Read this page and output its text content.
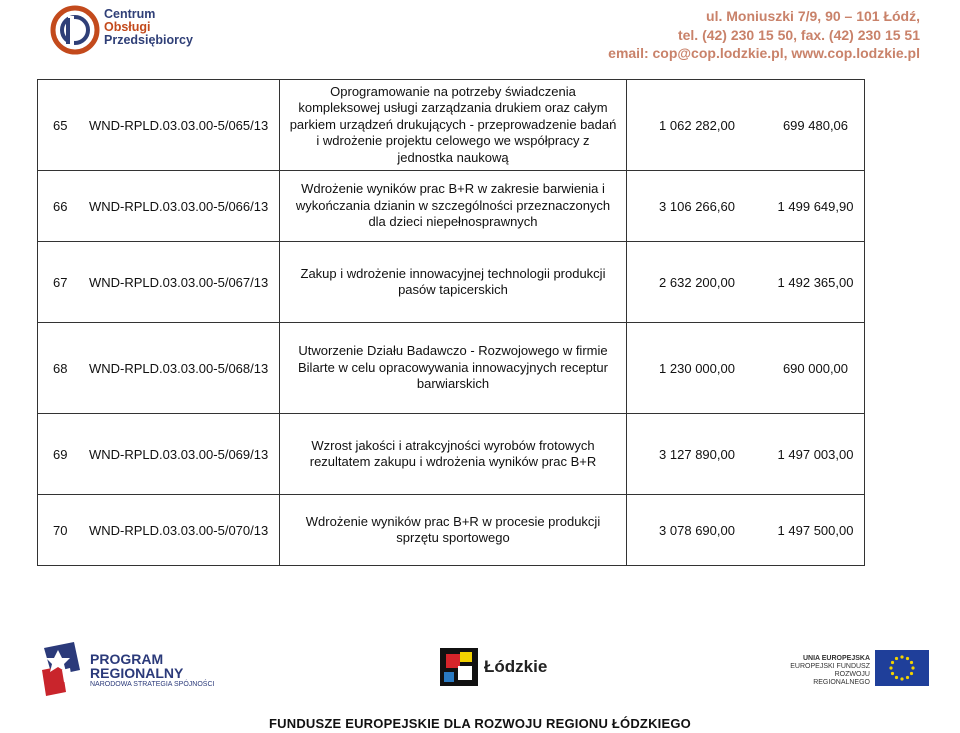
Centrum
Obsługi
Przedsiębiorcy
ul. Moniuszki 7/9, 90 – 101 Łódź,
tel. (42) 230 15 50, fax. (42) 230 15 51
email: cop@cop.lodzkie.pl, www.cop.lodzkie.pl
65	WND-RPLD.03.03.00-5/065/13	Oprogramowanie na potrzeby świadczenia kompleksowej usługi zarządzania drukiem oraz całym parkiem urządzeń drukujących - przeprowadzenie badań i wdrożenie projektu celowego we współpracy z jednostka naukową	1 062 282,00	699 480,06
66	WND-RPLD.03.03.00-5/066/13	Wdrożenie wyników prac B+R w zakresie barwienia i wykończania dzianin w szczególności przeznaczonych dla dzieci niepełnosprawnych	3 106 266,60	1 499 649,90
67	WND-RPLD.03.03.00-5/067/13	Zakup i wdrożenie innowacyjnej technologii produkcji pasów tapicerskich	2 632 200,00	1 492 365,00
68	WND-RPLD.03.03.00-5/068/13	Utworzenie Działu Badawczo - Rozwojowego w firmie Bilarte w celu opracowywania innowacyjnych receptur barwiarskich	1 230 000,00	690 000,00
69	WND-RPLD.03.03.00-5/069/13	Wzrost jakości i atrakcyjności wyrobów frotowych rezultatem zakupu i wdrożenia wyników prac B+R	3 127 890,00	1 497 003,00
70	WND-RPLD.03.03.00-5/070/13	Wdrożenie wyników prac B+R w procesie produkcji sprzętu sportowego	3 078 690,00	1 497 500,00
PROGRAM
REGIONALNY
NARODOWA STRATEGIA SPÓJNOŚCI
Łódzkie	UNIA EUROPEJSKA
EUROPEJSKI FUNDUSZ
ROZWOJU REGIONALNEGO
FUNDUSZE EUROPEJSKIE DLA ROZWOJU REGIONU ŁÓDZKIEGO
